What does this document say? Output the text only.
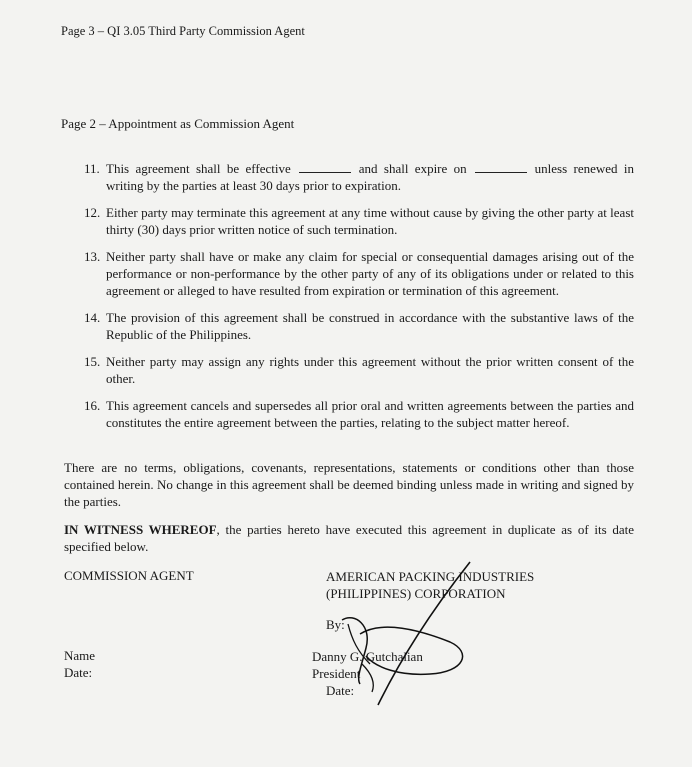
Page 3 – QI 3.05 Third Party Commission Agent
Page 2 – Appointment as Commission Agent
11. This agreement shall be effective	and shall expire on	unless renewed in writing by the parties at least 30 days prior to expiration.
12. Either party may terminate this agreement at any time without cause by giving the other party at least thirty (30) days prior written notice of such termination.
13. Neither party shall have or make any claim for special or consequential damages arising out of the performance or non-performance by the other party of any of its obligations under or related to this agreement or alleged to have resulted from expiration or termination of this agreement.
14. The provision of this agreement shall be construed in accordance with the substantive laws of the Republic of the Philippines.
15. Neither party may assign any rights under this agreement without the prior written consent of the other.
16. This agreement cancels and supersedes all prior oral and written agreements between the parties and constitutes the entire agreement between the parties, relating to the subject matter hereof.
There are no terms, obligations, covenants, representations, statements or conditions other than those contained herein. No change in this agreement shall be deemed binding unless made in writing and signed by the parties.
IN WITNESS WHEREOF, the parties hereto have executed this agreement in duplicate as of its date specified below.
COMMISSION AGENT
Name
Date:
AMERICAN PACKING INDUSTRIES
(PHILIPPINES) CORPORATION
By:
Danny G. Gutchalian
President
Date:
